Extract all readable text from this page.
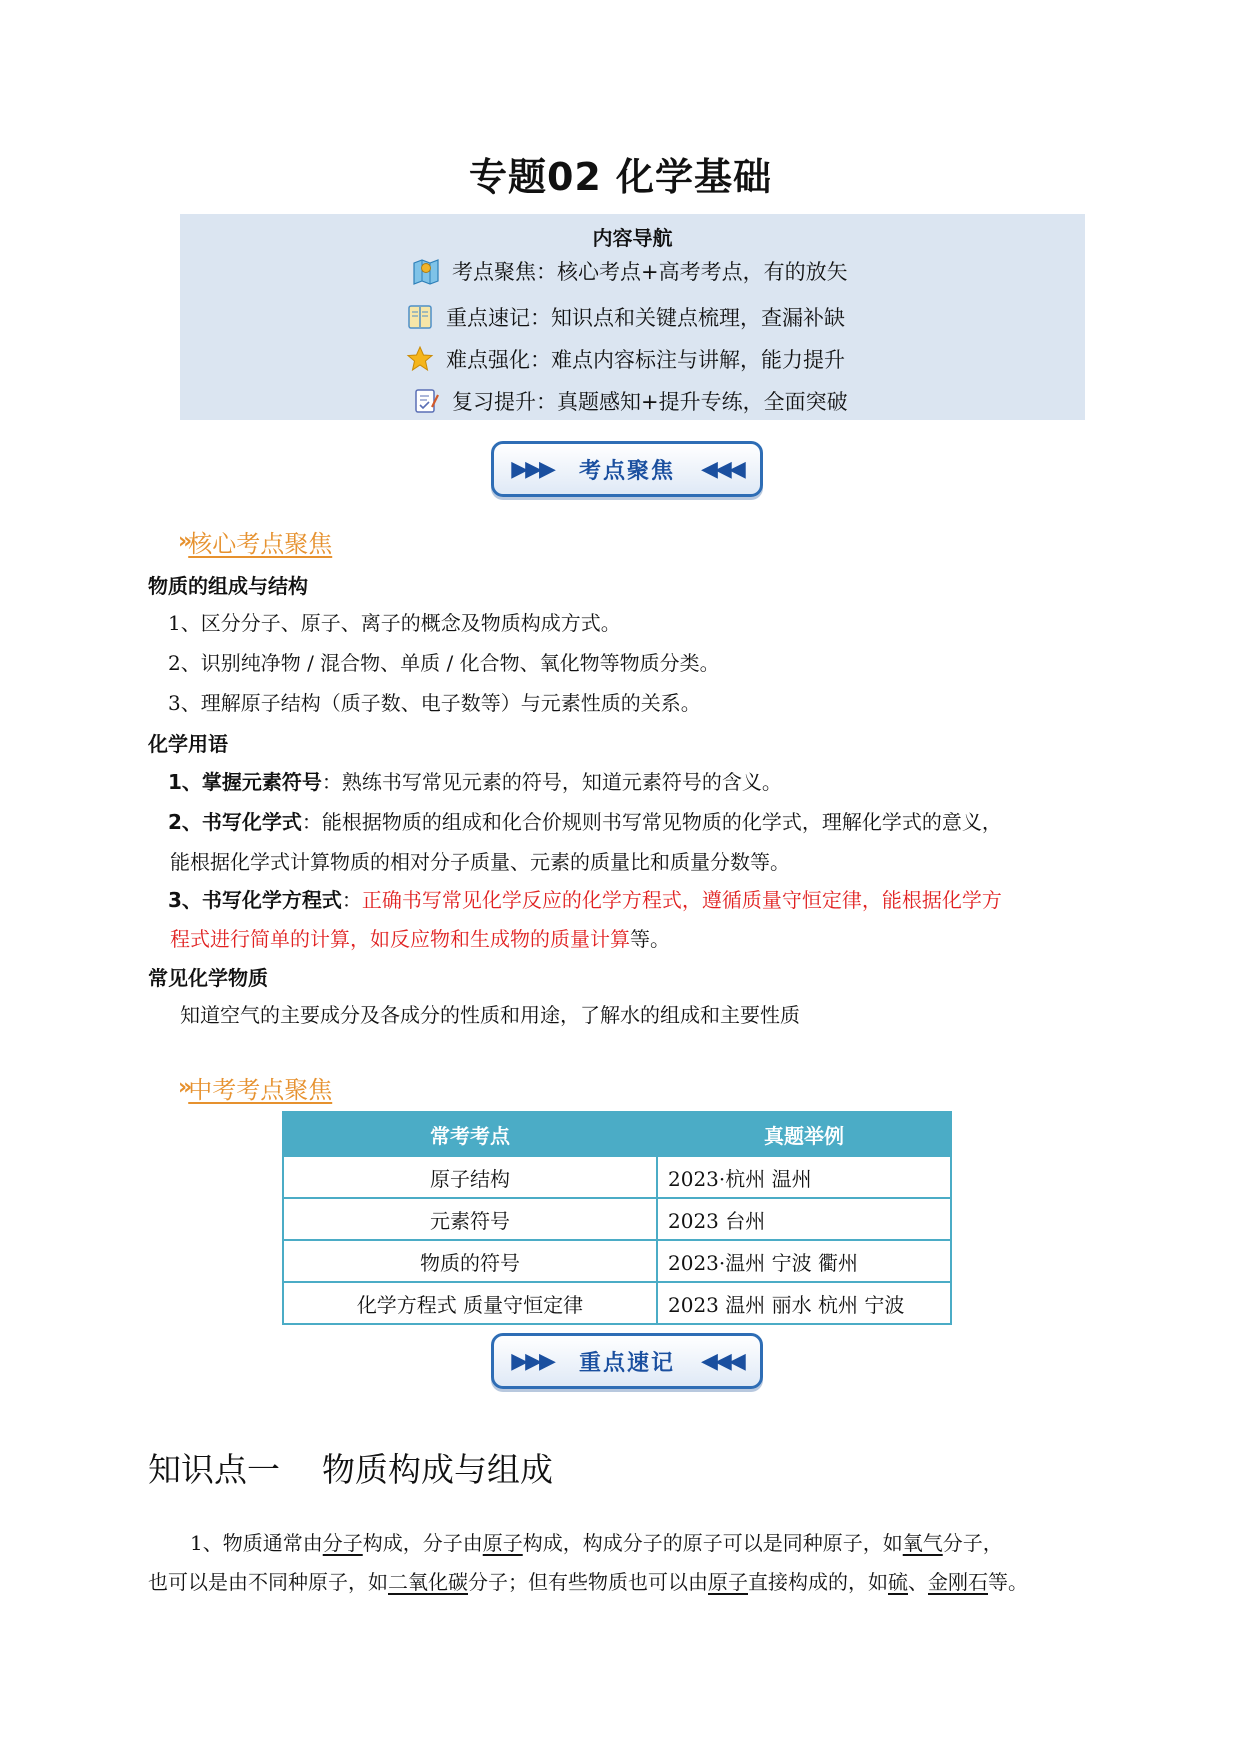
专题02 化学基础
内容导航
考点聚焦：核心考点+高考考点，有的放矢
重点速记：知识点和关键点梳理，查漏补缺
难点强化：难点内容标注与讲解，能力提升
复习提升：真题感知+提升专练，全面突破
▶▶▶ 考点聚焦 ◀◀◀
» 核心考点聚焦
物质的组成与结构
1、区分分子、原子、离子的概念及物质构成方式。
2、识别纯净物 / 混合物、单质 / 化合物、氧化物等物质分类。
3、理解原子结构（质子数、电子数等）与元素性质的关系。
化学用语
1、掌握元素符号：熟练书写常见元素的符号，知道元素符号的含义。
2、书写化学式：能根据物质的组成和化合价规则书写常见物质的化学式，理解化学式的意义，
能根据化学式计算物质的相对分子质量、元素的质量比和质量分数等。
3、书写化学方程式：正确书写常见化学反应的化学方程式，遵循质量守恒定律，能根据化学方
程式进行简单的计算，如反应物和生成物的质量计算等。
常见化学物质
知道空气的主要成分及各成分的性质和用途，了解水的组成和主要性质
» 中考考点聚焦
常考考点	真题举例
原子结构	2023·杭州 温州
元素符号	2023 台州
物质的符号	2023·温州 宁波 衢州
化学方程式 质量守恒定律	2023 温州 丽水 杭州 宁波
▶▶▶ 重点速记 ◀◀◀
知识点一    物质构成与组成
1、物质通常由分子构成，分子由原子构成，构成分子的原子可以是同种原子，如氧气分子，
也可以是由不同种原子，如二氧化碳分子；但有些物质也可以由原子直接构成的，如硫、金刚石等。
